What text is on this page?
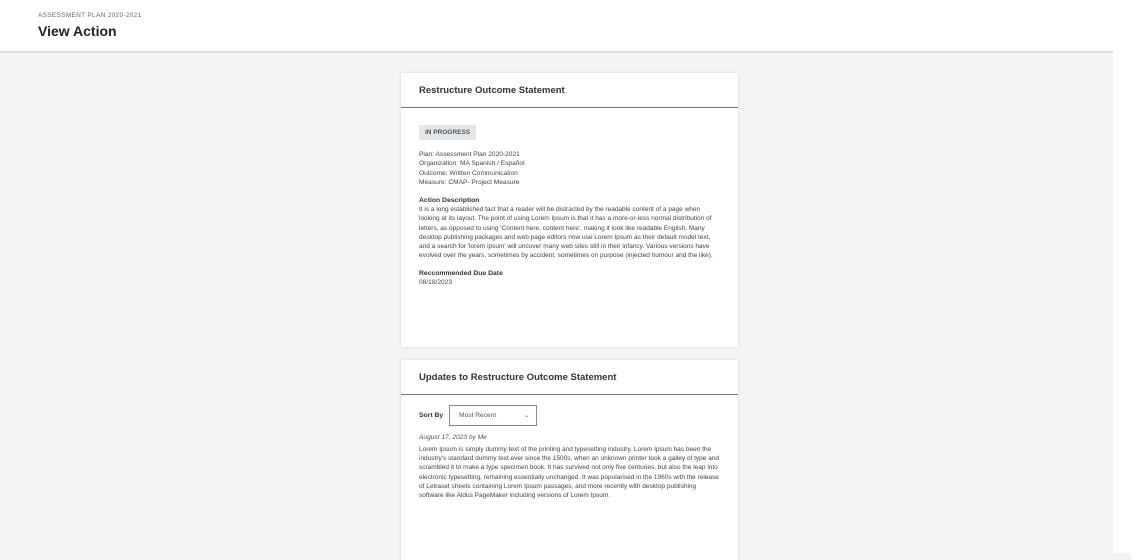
ASSESSMENT PLAN 2020-2021
View Action
Restructure Outcome Statement
IN PROGRESS
Plan: Assessment Plan 2020-2021
Organization: MA Spanish / Español
Outcome: Written Communication
Measure: CMAP- Project Measure
Action Description
It is a long established fact that a reader will be distracted by the readable content of a page when looking at its layout. The point of using Lorem Ipsum is that it has a more-or-less normal distribution of letters, as opposed to using 'Content here, content here', making it look like readable English. Many desktop publishing packages and web page editors now use Lorem Ipsum as their default model text, and a search for 'lorem ipsum' will uncover many web sites still in their infancy. Various versions have evolved over the years, sometimes by accident, sometimes on purpose (injected humour and the like).
Reccommended Due Date
08/18/2023
Updates to Restructure Outcome Statement
Sort By Most Recent	⌄
August 17, 2023 by Me
Lorem Ipsum is simply dummy text of the printing and typesetting industry. Lorem Ipsum has been the industry's standard dummy text ever since the 1500s, when an unknown printer took a galley of type and scrambled it to make a type specimen book. It has survived not only five centuries, but also the leap into electronic typesetting, remaining essentially unchanged. It was popularised in the 1960s with the release of Letraset sheets containing Lorem Ipsum passages, and more recently with desktop publishing software like Aldus PageMaker including versions of Lorem Ipsum.
